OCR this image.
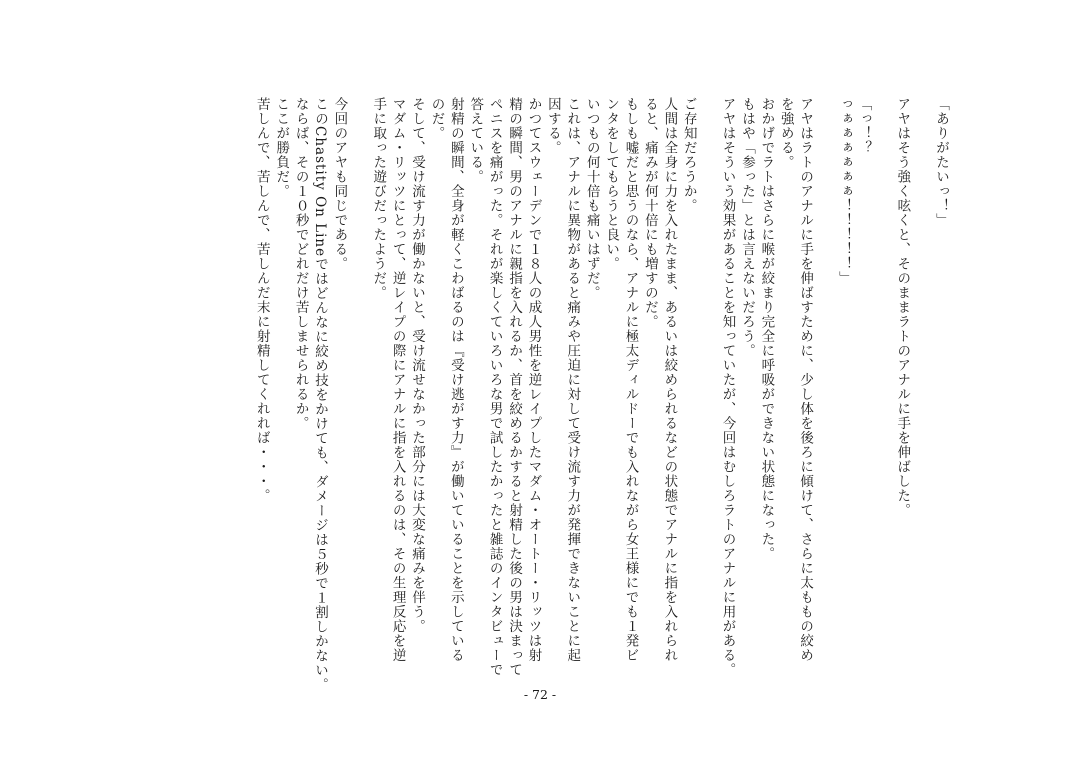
「ありがたいっ！」
アヤはそう強く呟くと、そのままラトのアナルに手を伸ばした。
「っ！？
っぁぁぁぁぁぁ！！！！！」
アヤはラトのアナルに手を伸ばすために、少し体を後ろに傾けて、さらに太ももの絞め
を強める。
おかげでラトはさらに喉が絞まり完全に呼吸ができない状態になった。
もはや「参った」とは言えないだろう。
アヤはそういう効果があることを知っていたが、今回はむしろラトのアナルに用がある。
ご存知だろうか。
人間は全身に力を入れたまま、あるいは絞められるなどの状態でアナルに指を入れられ
ると、痛みが何十倍にも増すのだ。
もしも嘘だと思うのなら、アナルに極太ディルドーでも入れながら女王様にでも１発ビ
ンタをしてもらうと良い。
いつもの何十倍も痛いはずだ。
これは、アナルに異物があると痛みや圧迫に対して受け流す力が発揮できないことに起
因する。
かつてスウェーデンで１８人の成人男性を逆レイプしたマダム・オートー・リッツは射
精の瞬間、男のアナルに親指を入れるか、首を絞めるかすると射精した後の男は決まって
ペニスを痛がった。それが楽しくていろいろな男で試したかったと雑誌のインタビューで
答えている。
射精の瞬間、全身が軽くこわばるのは『受け逃がす力』が働いていることを示している
のだ。
そして、受け流す力が働かないと、受け流せなかった部分には大変な痛みを伴う。
マダム・リッツにとって、逆レイプの際にアナルに指を入れるのは、その生理反応を逆
手に取った遊びだったようだ。
今回のアヤも同じである。
このChastity On Lineではどんなに絞め技をかけても、ダメージは５秒で１割しかない。
ならば、その１０秒でどれだけ苦しませられるか。
ここが勝負だ。
苦しんで、苦しんで、苦しんだ末に射精してくれれば・・・。
- 72 -
